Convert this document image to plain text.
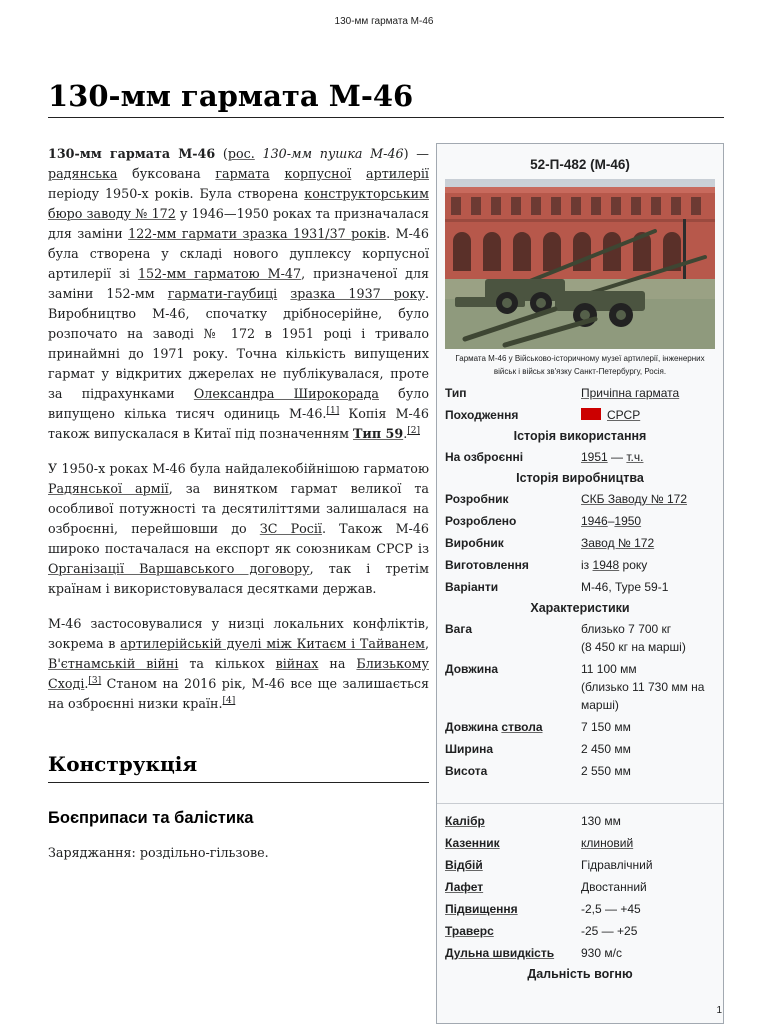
130-мм гармата М-46
130-мм гармата М-46

130-мм гармата М-46 (рос. 130-мм пушка М-46) — радянська буксована гармата корпусної артилерії періоду 1950-х років. Була створена конструкторським бюро заводу № 172 у 1946—1950 роках та призначалася для заміни 122-мм гармати зразка 1931/37 років. М-46 була створена у складі нового дуплексу корпусної артилерії зі 152-мм гарматою М-47, призначеної для заміни 152-мм гармати-гаубиці зразка 1937 року. Виробництво М-46, спочатку дрібносерійне, було розпочато на заводі № 172 в 1951 році і тривало принаймні до 1971 року. Точна кількість випущених гармат у відкритих джерелах не публікувалася, проте за підрахунками Олександра Широкорада було випущено кілька тисяч одиниць М-46.[1] Копія М-46 також випускалася в Китаї під позначенням Тип 59.[2]

У 1950-х роках М-46 була найдалекобійнішою гарматою Радянської армії, за винятком гармат великої та особливої потужності та десятиліттями залишалася на озброєнні, перейшовши до ЗС Росії. Також М-46 широко постачалася на експорт як союзникам СРСР із Організації Варшавського договору, так і третім країнам і використовувалася десятками держав.

М-46 застосовувалися у низці локальних конфліктів, зокрема в артилерійській дуелі між Китаєм і Тайванем, В'єтнамській війні та кількох війнах на Близькому Сході.[3] Станом на 2016 рік, М-46 все ще залишається на озброєнні низки країн.[4]

Конструкція
Боєприпаси та балістика

Заряджання: роздільно-гільзове.

52-П-482 (М-46)
Гармата М-46 у Військово-історичному музеї артилерії, інженерних військ і військ зв'язку Санкт-Петербургу, Росія.
Тип	Причіпна гармата
Походження	СРСР
Історія використання
На озброєнні	1951 — т.ч.
Історія виробництва
Розробник	СКБ Заводу № 172
Розроблено	1946–1950
Виробник	Завод № 172
Виготовлення	із 1948 року
Варіанти	М-46, Type 59-1
Характеристики
Вага	близько 7 700 кг
(8 450 кг на марші)
Довжина	11 100 мм
(близько 11 730 мм на марші)
Довжина ствола	7 150 мм
Ширина	2 450 мм
Висота	2 550 мм
Калібр	130 мм
Казенник	клиновий
Відбій	Гідравлічний
Лафет	Двостанний
Підвищення	-2,5 — +45
Траверс	-25 — +25
Дульна швидкість	930 м/с
Дальність вогню
1
